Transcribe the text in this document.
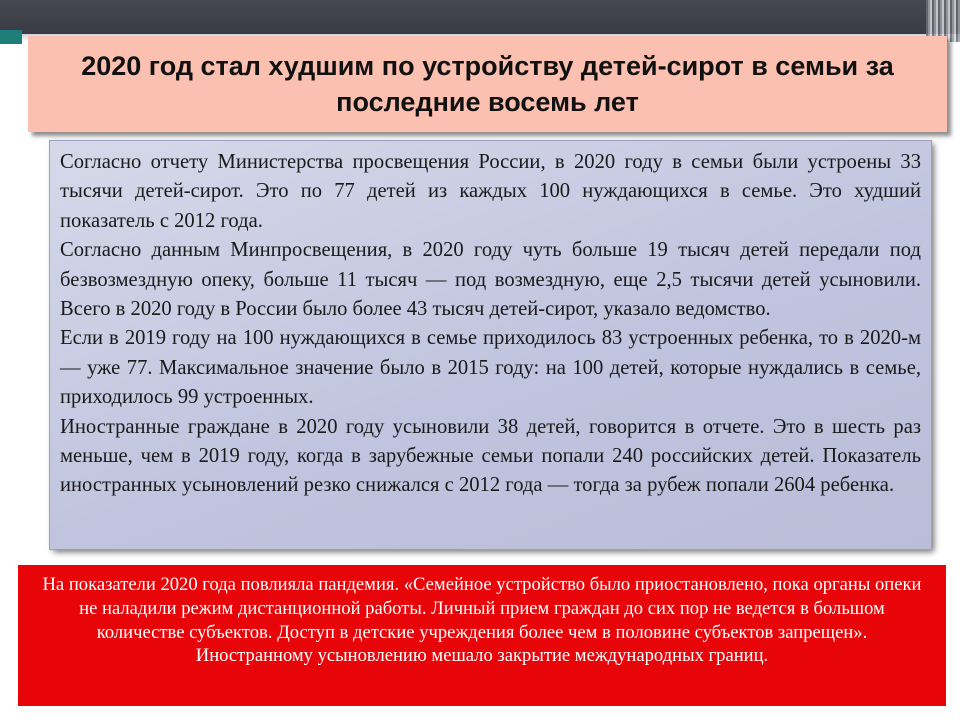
2020 год стал худшим по устройству детей-сирот в семьи за последние восемь лет

Согласно отчету Министерства просвещения России, в 2020 году в семьи были устроены 33 тысячи детей-сирот. Это по 77 детей из каждых 100 нуждающихся в семье. Это худший показатель с 2012 года.

Согласно данным Минпросвещения, в 2020 году чуть больше 19 тысяч детей передали под безвозмездную опеку, больше 11 тысяч — под возмездную, еще 2,5 тысячи детей усыновили. Всего в 2020 году в России было более 43 тысяч детей-сирот, указало ведомство.

Если в 2019 году на 100 нуждающихся в семье приходилось 83 устроенных ребенка, то в 2020-м — уже 77. Максимальное значение было в 2015 году: на 100 детей, которые нуждались в семье, приходилось 99 устроенных.

Иностранные граждане в 2020 году усыновили 38 детей, говорится в отчете. Это в шесть раз меньше, чем в 2019 году, когда в зарубежные семьи попали 240 российских детей. Показатель иностранных усыновлений резко снижался с 2012 года — тогда за рубеж попали 2604 ребенка.

На показатели 2020 года повлияла пандемия. «Семейное устройство было приостановлено, пока органы опеки не наладили режим дистанционной работы. Личный прием граждан до сих пор не ведется в большом количестве субъектов. Доступ в детские учреждения более чем в половине субъектов запрещен». Иностранному усыновлению мешало закрытие международных границ.
